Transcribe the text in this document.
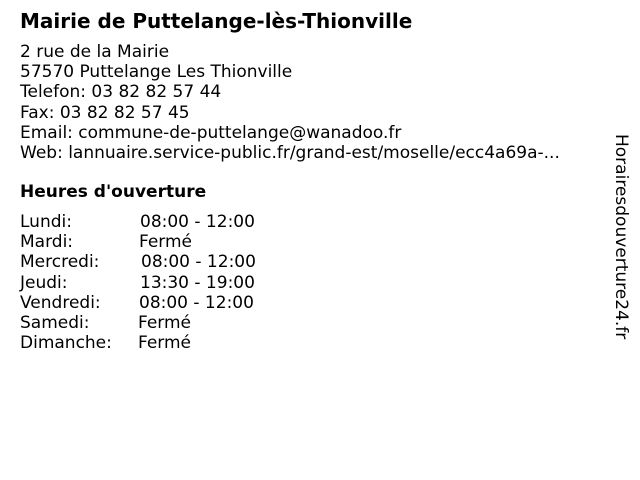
Mairie de Puttelange-lès-Thionville
2 rue de la Mairie
57570 Puttelange Les Thionville
Telefon: 03 82 82 57 44
Fax: 03 82 82 57 45
Email: commune-de-puttelange@wanadoo.fr
Web: lannuaire.service-public.fr/grand-est/moselle/ecc4a69a-...
Heures d'ouverture
Lundi:	08:00 - 12:00
Mardi:	Fermé
Mercredi: 08:00 - 12:00
Jeudi:	13:30 - 19:00
Vendredi: 08:00 - 12:00
Samedi:	Fermé
Dimanche: Fermé
Horairesdouverture24.fr
